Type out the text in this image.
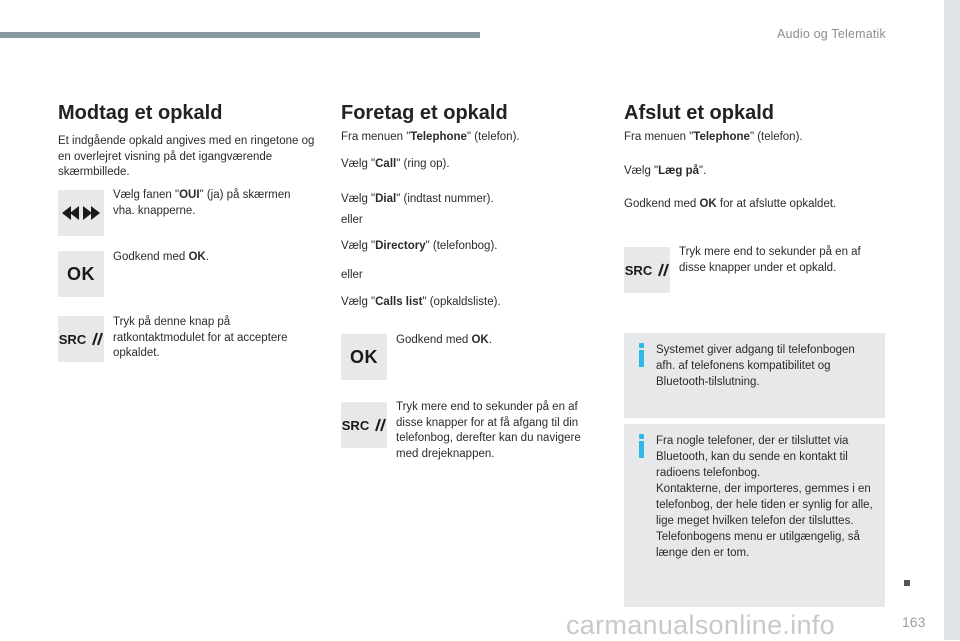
Audio og Telematik
Modtag et opkald

Et indgående opkald angives med en ringetone og en overlejret visning på det igangværende skærmbillede.

Vælg fanen "OUI" (ja) på skærmen vha. knapperne.

OK

Godkend med OK.

SRC

Tryk på denne knap på ratkontaktmodulet for at acceptere opkaldet.

Foretag et opkald

Fra menuen "Telephone" (telefon).

Vælg "Call" (ring op).

Vælg "Dial" (indtast nummer).

eller

Vælg "Directory" (telefonbog).

eller

Vælg "Calls list" (opkaldsliste).

OK

Godkend med OK.

SRC

Tryk mere end to sekunder på en af disse knapper for at få afgang til din telefonbog, derefter kan du navigere med drejeknappen.

Afslut et opkald

Fra menuen "Telephone" (telefon).

Vælg "Læg på".

Godkend med OK for at afslutte opkaldet.

SRC

Tryk mere end to sekunder på en af disse knapper under et opkald.

Systemet giver adgang til telefonbogen afh. af telefonens kompatibilitet og Bluetooth-tilslutning.
Fra nogle telefoner, der er tilsluttet via Bluetooth, kan du sende en kontakt til radioens telefonbog.
Kontakterne, der importeres, gemmes i en telefonbog, der hele tiden er synlig for alle, lige meget hvilken telefon der tilsluttes.
Telefonbogens menu er utilgængelig, så længe den er tom.
carmanualsonline.info	163
